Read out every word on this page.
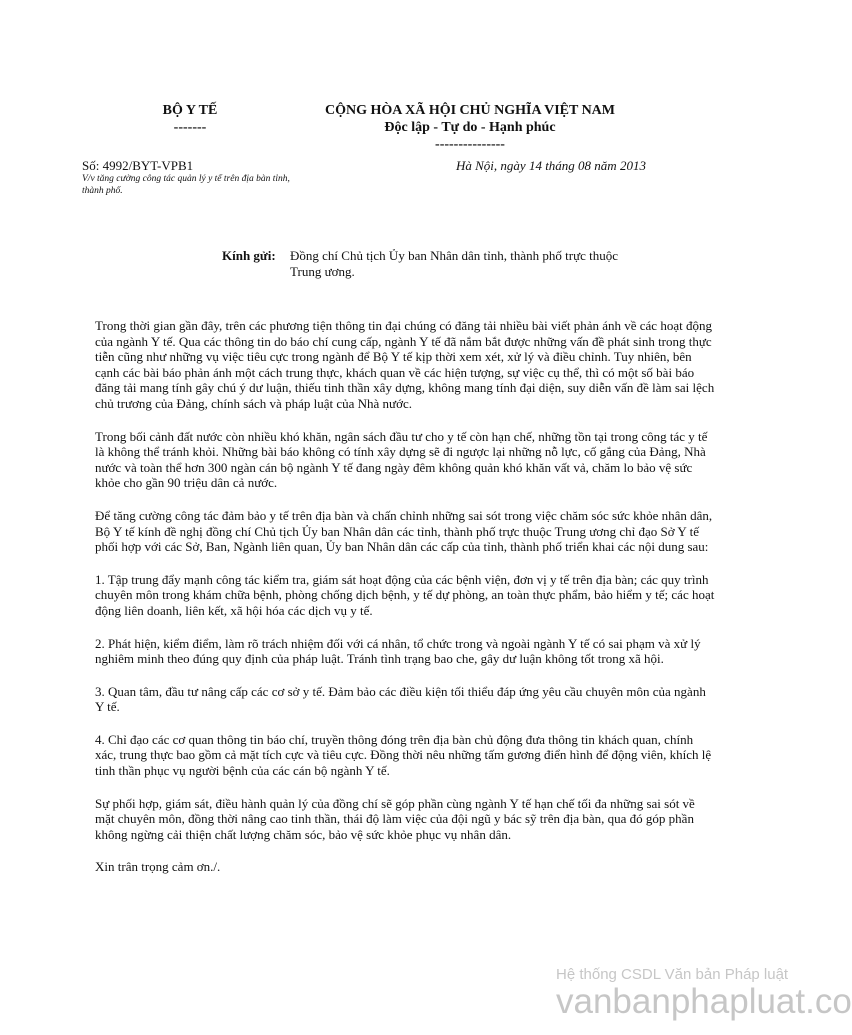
BỘ Y TẾ
-------
CỘNG HÒA XÃ HỘI CHỦ NGHĨA VIỆT NAM
Độc lập - Tự do - Hạnh phúc
---------------
Số: 4992/BYT-VPB1
V/v tăng cường công tác quản lý y tế trên địa bàn tỉnh, thành phố.
Hà Nội, ngày 14 tháng 08 năm 2013
Kính gửi: Đồng chí Chủ tịch Ủy ban Nhân dân tỉnh, thành phố trực thuộc Trung ương.

Trong thời gian gần đây, trên các phương tiện thông tin đại chúng có đăng tải nhiều bài viết phản ánh về các hoạt động của ngành Y tế. Qua các thông tin do báo chí cung cấp, ngành Y tế đã nắm bắt được những vấn đề phát sinh trong thực tiễn cũng như những vụ việc tiêu cực trong ngành để Bộ Y tế kịp thời xem xét, xử lý và điều chỉnh. Tuy nhiên, bên cạnh các bài báo phản ánh một cách trung thực, khách quan về các hiện tượng, sự việc cụ thể, thì có một số bài báo đăng tải mang tính gây chú ý dư luận, thiếu tinh thần xây dựng, không mang tính đại diện, suy diễn vấn đề làm sai lệch chủ trương của Đảng, chính sách và pháp luật của Nhà nước.

Trong bối cảnh đất nước còn nhiều khó khăn, ngân sách đầu tư cho y tế còn hạn chế, những tồn tại trong công tác y tế là không thể tránh khỏi. Những bài báo không có tính xây dựng sẽ đi ngược lại những nỗ lực, cố gắng của Đảng, Nhà nước và toàn thể hơn 300 ngàn cán bộ ngành Y tế đang ngày đêm không quản khó khăn vất vả, chăm lo bảo vệ sức khỏe cho gần 90 triệu dân cả nước.

Để tăng cường công tác đảm bảo y tế trên địa bàn và chấn chỉnh những sai sót trong việc chăm sóc sức khỏe nhân dân, Bộ Y tế kính đề nghị đồng chí Chủ tịch Ủy ban Nhân dân các tỉnh, thành phố trực thuộc Trung ương chỉ đạo Sở Y tế phối hợp với các Sở, Ban, Ngành liên quan, Ủy ban Nhân dân các cấp của tỉnh, thành phố triển khai các nội dung sau:

1. Tập trung đẩy mạnh công tác kiểm tra, giám sát hoạt động của các bệnh viện, đơn vị y tế trên địa bàn; các quy trình chuyên môn trong khám chữa bệnh, phòng chống dịch bệnh, y tế dự phòng, an toàn thực phẩm, bảo hiểm y tế; các hoạt động liên doanh, liên kết, xã hội hóa các dịch vụ y tế.

2. Phát hiện, kiểm điểm, làm rõ trách nhiệm đối với cá nhân, tổ chức trong và ngoài ngành Y tế có sai phạm và xử lý nghiêm minh theo đúng quy định của pháp luật. Tránh tình trạng bao che, gây dư luận không tốt trong xã hội.

3. Quan tâm, đầu tư nâng cấp các cơ sở y tế. Đảm bảo các điều kiện tối thiểu đáp ứng yêu cầu chuyên môn của ngành Y tế.

4. Chỉ đạo các cơ quan thông tin báo chí, truyền thông đóng trên địa bàn chủ động đưa thông tin khách quan, chính xác, trung thực bao gồm cả mặt tích cực và tiêu cực. Đồng thời nêu những tấm gương điển hình để động viên, khích lệ tinh thần phục vụ người bệnh của các cán bộ ngành Y tế.

Sự phối hợp, giám sát, điều hành quản lý của đồng chí sẽ góp phần cùng ngành Y tế hạn chế tối đa những sai sót về mặt chuyên môn, đồng thời nâng cao tinh thần, thái độ làm việc của đội ngũ y bác sỹ trên địa bàn, qua đó góp phần không ngừng cải thiện chất lượng chăm sóc, bảo vệ sức khỏe phục vụ nhân dân.

Xin trân trọng cảm ơn./.

Hệ thống CSDL Văn bản Pháp luật
vanbanphapluat.co
